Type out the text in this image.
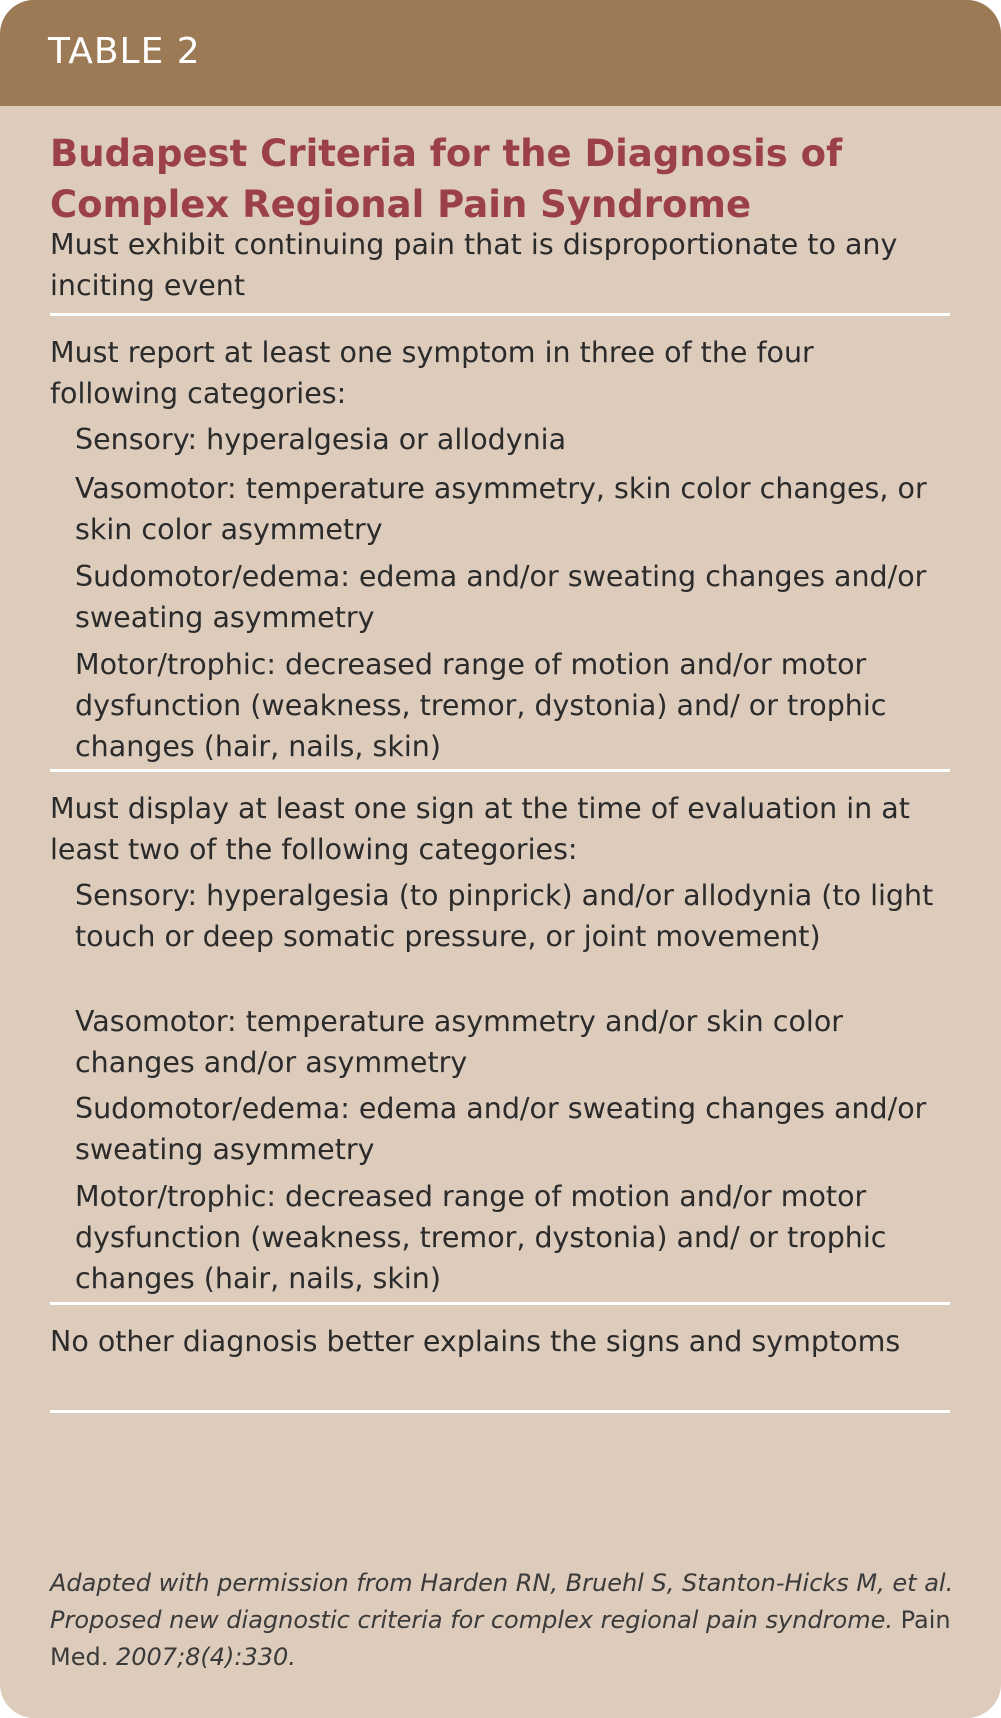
TABLE 2
Budapest Criteria for the Diagnosis of Complex Regional Pain Syndrome

Must exhibit continuing pain that is disproportionate to any inciting event

Must report at least one symptom in three of the four following categories:

Sensory: hyperalgesia or allodynia

Vasomotor: temperature asymmetry, skin color changes, or skin color asymmetry

Sudomotor/edema: edema and/or sweating changes and/or sweating asymmetry

Motor/trophic: decreased range of motion and/or motor dysfunction (weakness, tremor, dystonia) and/ or trophic changes (hair, nails, skin)

Must display at least one sign at the time of evaluation in at least two of the following categories:

Sensory: hyperalgesia (to pinprick) and/or allodynia (to light touch or deep somatic pressure, or joint movement)

Vasomotor: temperature asymmetry and/or skin color changes and/or asymmetry

Sudomotor/edema: edema and/or sweating changes and/or sweating asymmetry

Motor/trophic: decreased range of motion and/or motor dysfunction (weakness, tremor, dystonia) and/ or trophic changes (hair, nails, skin)

No other diagnosis better explains the signs and symptoms

Adapted with permission from Harden RN, Bruehl S, Stanton-Hicks M, et al. Proposed new diagnostic criteria for complex regional pain syndrome. Pain Med. 2007;8(4):330.
